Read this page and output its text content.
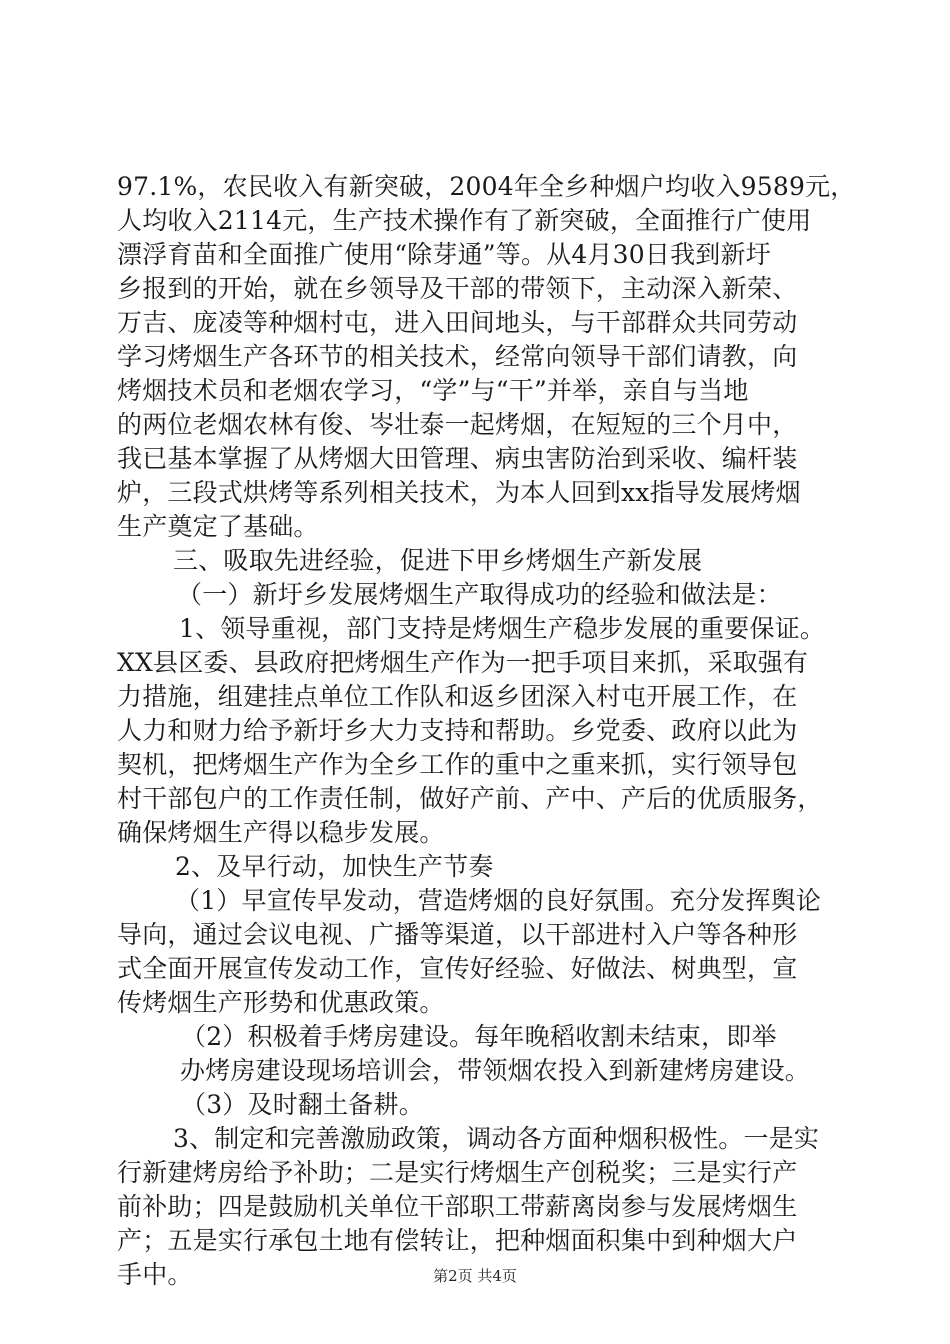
97.1%，农民收入有新突破，2004年全乡种烟户均收入9589元，
人均收入2114元，生产技术操作有了新突破，全面推行广使用
漂浮育苗和全面推广使用“除芽通”等。从4月30日我到新圩
乡报到的开始，就在乡领导及干部的带领下，主动深入新荣、
万吉、庞凌等种烟村屯，进入田间地头，与干部群众共同劳动
学习烤烟生产各环节的相关技术，经常向领导干部们请教，向
烤烟技术员和老烟农学习，“学”与“干”并举，亲自与当地
的两位老烟农林有俊、岑壮泰一起烤烟，在短短的三个月中，
我已基本掌握了从烤烟大田管理、病虫害防治到采收、编杆装
炉，三段式烘烤等系列相关技术，为本人回到xx指导发展烤烟
生产奠定了基础。
三、吸取先进经验，促进下甲乡烤烟生产新发展
（一）新圩乡发展烤烟生产取得成功的经验和做法是：
1、领导重视，部门支持是烤烟生产稳步发展的重要保证。
XX县区委、县政府把烤烟生产作为一把手项目来抓，采取强有
力措施，组建挂点单位工作队和返乡团深入村屯开展工作，在
人力和财力给予新圩乡大力支持和帮助。乡党委、政府以此为
契机，把烤烟生产作为全乡工作的重中之重来抓，实行领导包
村干部包户的工作责任制，做好产前、产中、产后的优质服务，
确保烤烟生产得以稳步发展。
2、及早行动，加快生产节奏
（1）早宣传早发动，营造烤烟的良好氛围。充分发挥舆论
导向，通过会议电视、广播等渠道，以干部进村入户等各种形
式全面开展宣传发动工作，宣传好经验、好做法、树典型，宣
传烤烟生产形势和优惠政策。
（2）积极着手烤房建设。每年晚稻收割未结束，即举
办烤房建设现场培训会，带领烟农投入到新建烤房建设。
（3）及时翻土备耕。
3、制定和完善激励政策，调动各方面种烟积极性。一是实
行新建烤房给予补助；二是实行烤烟生产创税奖；三是实行产
前补助；四是鼓励机关单位干部职工带薪离岗参与发展烤烟生
产；五是实行承包土地有偿转让，把种烟面积集中到种烟大户
手中。	第2页 共4页
